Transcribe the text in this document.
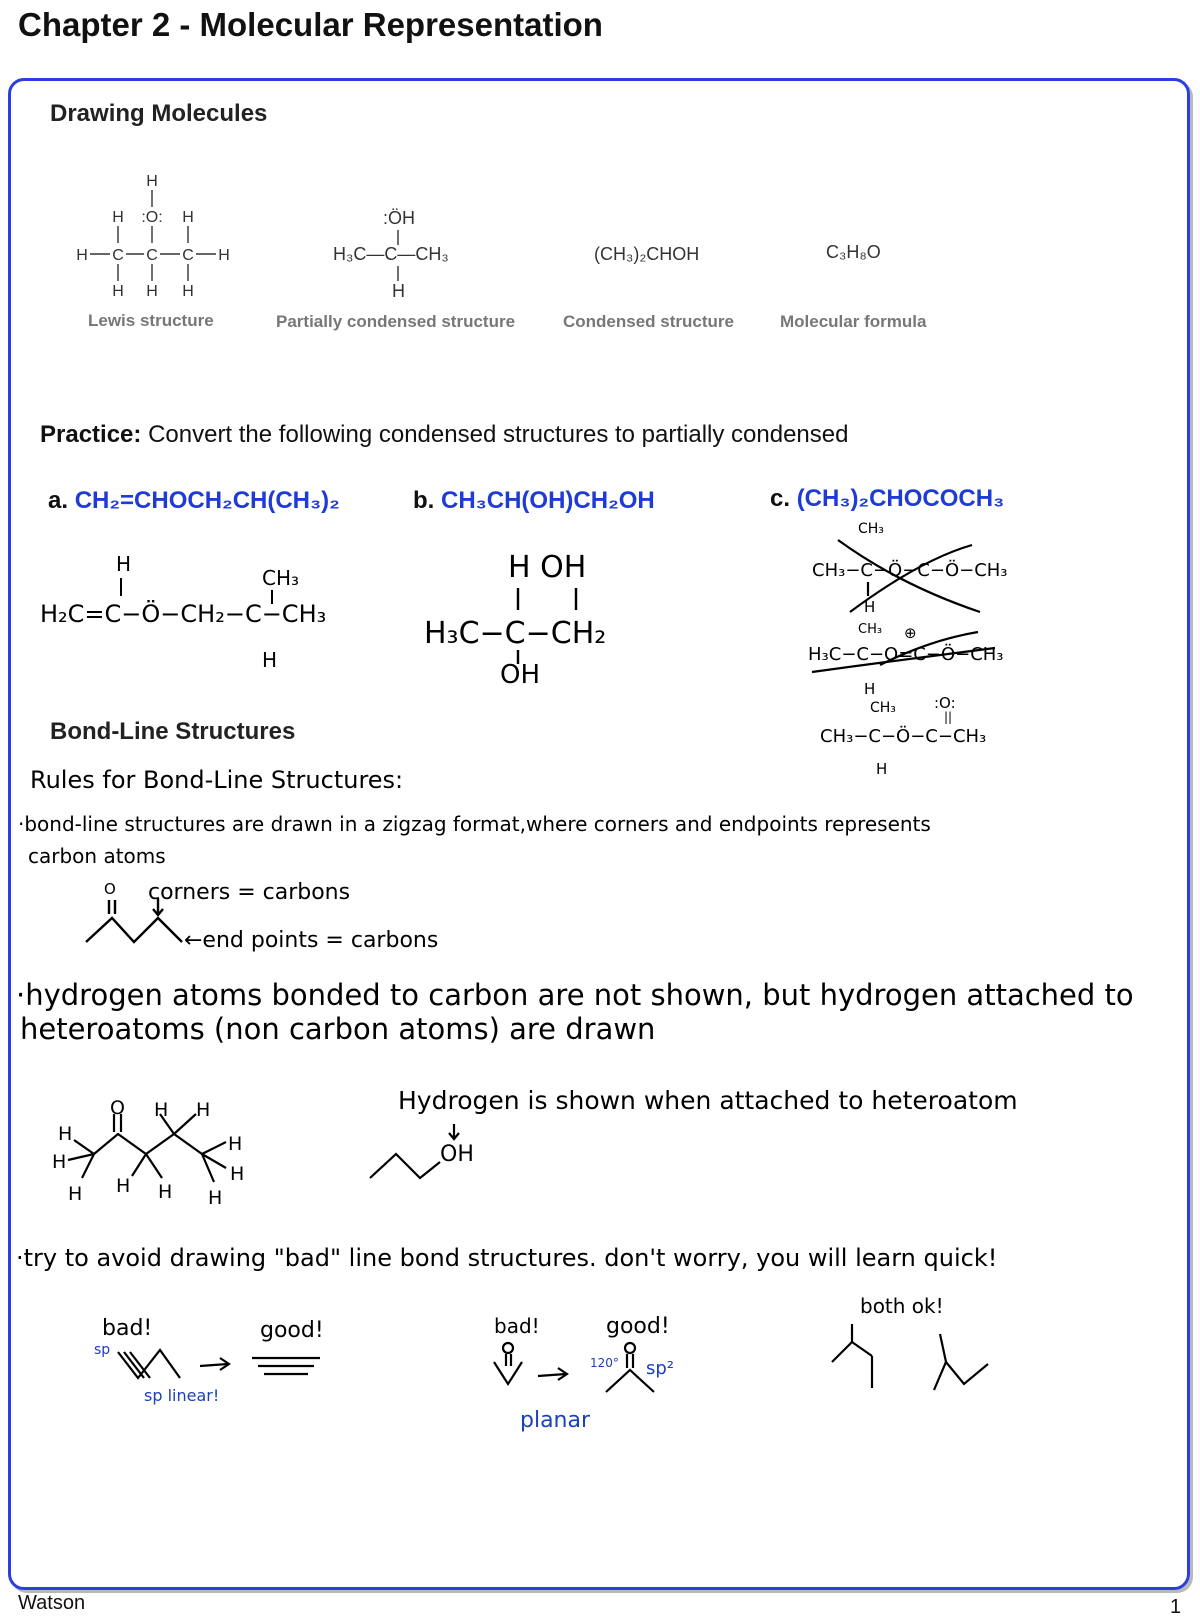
Chapter 2 - Molecular Representation
Drawing Molecules
H
H :O: H
H C C C H
H H H
Lewis structure
:ÖH
H₃C—C—CH₃
H
Partially condensed structure
(CH₃)₂CHOH
Condensed structure
C₃H₈O
Molecular formula
Practice: Convert the following condensed structures to partially condensed
a. CH₂=CHOCH₂CH(CH₃)₂	b. CH₃CH(OH)CH₂OH	c. (CH₃)₂CHOCOCH₃
H
CH₃
H₂C=C−Ö−CH₂−C−CH₃
H
H OH
H₃C−C−CH₂
OH
CH₃
CH₃−C−Ö−C−Ö−CH₃
H
CH₃ ⊕
H₃C−C−O=C−Ö−CH₃
H
CH₃	:O:
||
CH₃−C−Ö−C−CH₃
H
Bond-Line Structures
Rules for Bond-Line Structures:
·bond-line structures are drawn in a zigzag format,where corners and endpoints represents
carbon atoms
O corners = carbons
←end points = carbons
·hydrogen atoms bonded to carbon are not shown, but hydrogen attached to
heteroatoms (non carbon atoms) are drawn
O
H
H
H H H
H H
H
H
H
Hydrogen is shown when attached to heteroatom
OH
·try to avoid drawing "bad" line bond structures. don't worry, you will learn quick!
bad!
sp
good!
sp linear!
bad!	good!
120° sp²
planar
both ok!
Watson	1
